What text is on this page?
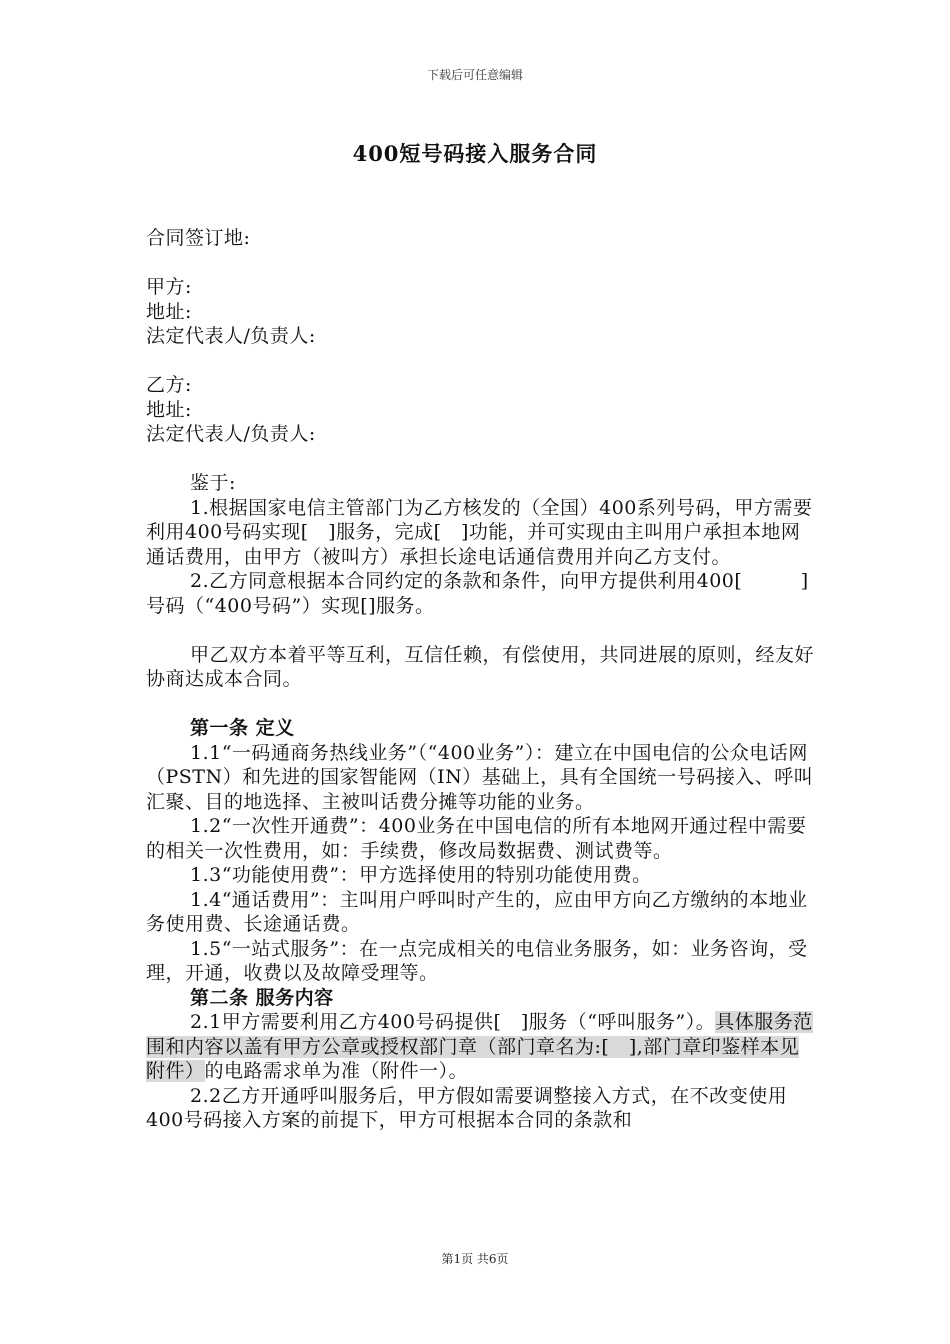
下载后可任意编辑
400短号码接入服务合同

合同签订地:

甲方:

地址:

法定代表人/负责人:

乙方:

地址:

法定代表人/负责人:

鉴于:

1.根据国家电信主管部门为乙方核发的（全国）400系列号码，甲方需要利用400号码实现[　]服务，完成[　]功能，并可实现由主叫用户承担本地网通话费用，由甲方（被叫方）承担长途电话通信费用并向乙方支付。

2.乙方同意根据本合同约定的条款和条件，向甲方提供利用400[　　　]号码（“400号码”）实现[]服务。

甲乙双方本着平等互利，互信任赖，有偿使用，共同进展的原则，经友好协商达成本合同。

第一条 定义

1.1“一码通商务热线业务”（“400业务”）：建立在中国电信的公众电话网（PSTN）和先进的国家智能网（IN）基础上，具有全国统一号码接入、呼叫汇聚、目的地选择、主被叫话费分摊等功能的业务。

1.2“一次性开通费”：400业务在中国电信的所有本地网开通过程中需要的相关一次性费用，如：手续费，修改局数据费、测试费等。

1.3“功能使用费”：甲方选择使用的特别功能使用费。

1.4“通话费用”：主叫用户呼叫时产生的，应由甲方向乙方缴纳的本地业务使用费、长途通话费。

1.5“一站式服务”：在一点完成相关的电信业务服务，如：业务咨询，受理，开通，收费以及故障受理等。

第二条 服务内容

2.1甲方需要利用乙方400号码提供[　]服务（“呼叫服务”）。具体服务范围和内容以盖有甲方公章或授权部门章（部门章名为:[　],部门章印鉴样本见附件）的电路需求单为准（附件一）。

2.2乙方开通呼叫服务后，甲方假如需要调整接入方式，在不改变使用400号码接入方案的前提下，甲方可根据本合同的条款和

第1页 共6页
